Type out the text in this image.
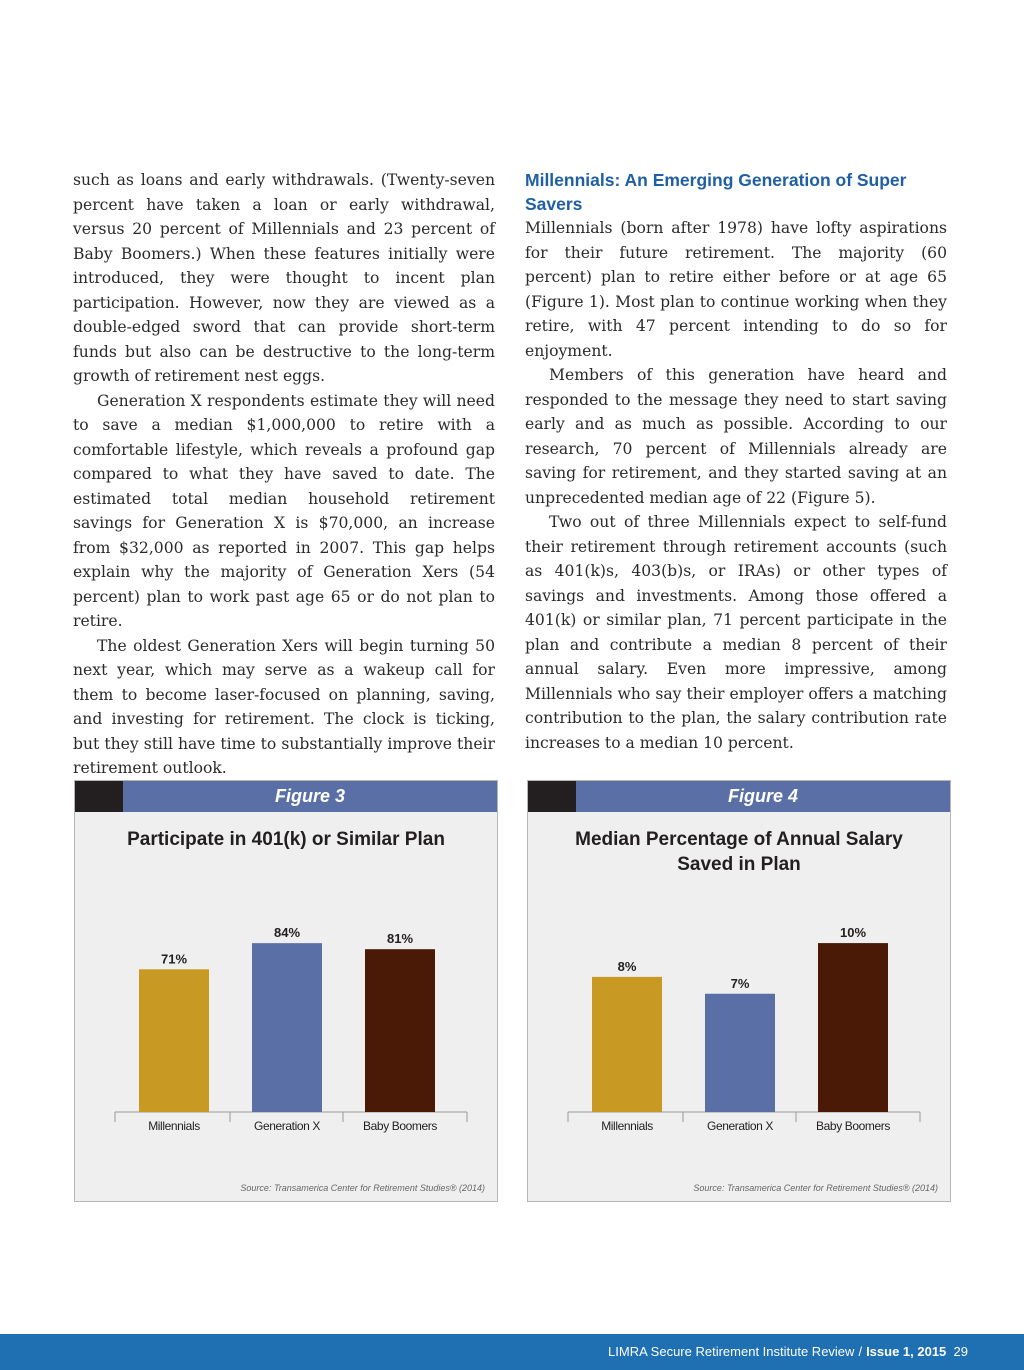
such as loans and early withdrawals. (Twenty-seven percent have taken a loan or early withdrawal, versus 20 percent of Millennials and 23 percent of Baby Boomers.) When these features initially were introduced, they were thought to incent plan participation. However, now they are viewed as a double-edged sword that can provide short-term funds but also can be destructive to the long-term growth of retirement nest eggs.

Generation X respondents estimate they will need to save a median $1,000,000 to retire with a comfortable lifestyle, which reveals a profound gap compared to what they have saved to date. The estimated total median household retirement savings for Generation X is $70,000, an increase from $32,000 as reported in 2007. This gap helps explain why the majority of Generation Xers (54 percent) plan to work past age 65 or do not plan to retire.

The oldest Generation Xers will begin turning 50 next year, which may serve as a wakeup call for them to become laser-focused on planning, saving, and investing for retirement. The clock is ticking, but they still have time to substantially improve their retirement outlook.

Millennials: An Emerging Generation of Super Savers

Millennials (born after 1978) have lofty aspirations for their future retirement. The majority (60 percent) plan to retire either before or at age 65 (Figure 1). Most plan to continue working when they retire, with 47 percent intending to do so for enjoyment.

Members of this generation have heard and responded to the message they need to start saving early and as much as possible. According to our research, 70 percent of Millennials already are saving for retirement, and they started saving at an unprecedented median age of 22 (Figure 5).

Two out of three Millennials expect to self-fund their retirement through retirement accounts (such as 401(k)s, 403(b)s, or IRAs) or other types of savings and investments. Among those offered a 401(k) or similar plan, 71 percent participate in the plan and contribute a median 8 percent of their annual salary. Even more impressive, among Millennials who say their employer offers a matching contribution to the plan, the salary contribution rate increases to a median 10 percent.

Figure 3
Participate in 401(k) or Similar Plan
71%
Millennials
84%
Generation X
81%
Baby Boomers
Source: Transamerica Center for Retirement Studies® (2014)
Figure 4
Median Percentage of Annual Salary Saved in Plan
8%
Millennials
7%
Generation X
10%
Baby Boomers
Source: Transamerica Center for Retirement Studies® (2014)
LIMRA Secure Retirement Institute Review / Issue 1, 2015 29
